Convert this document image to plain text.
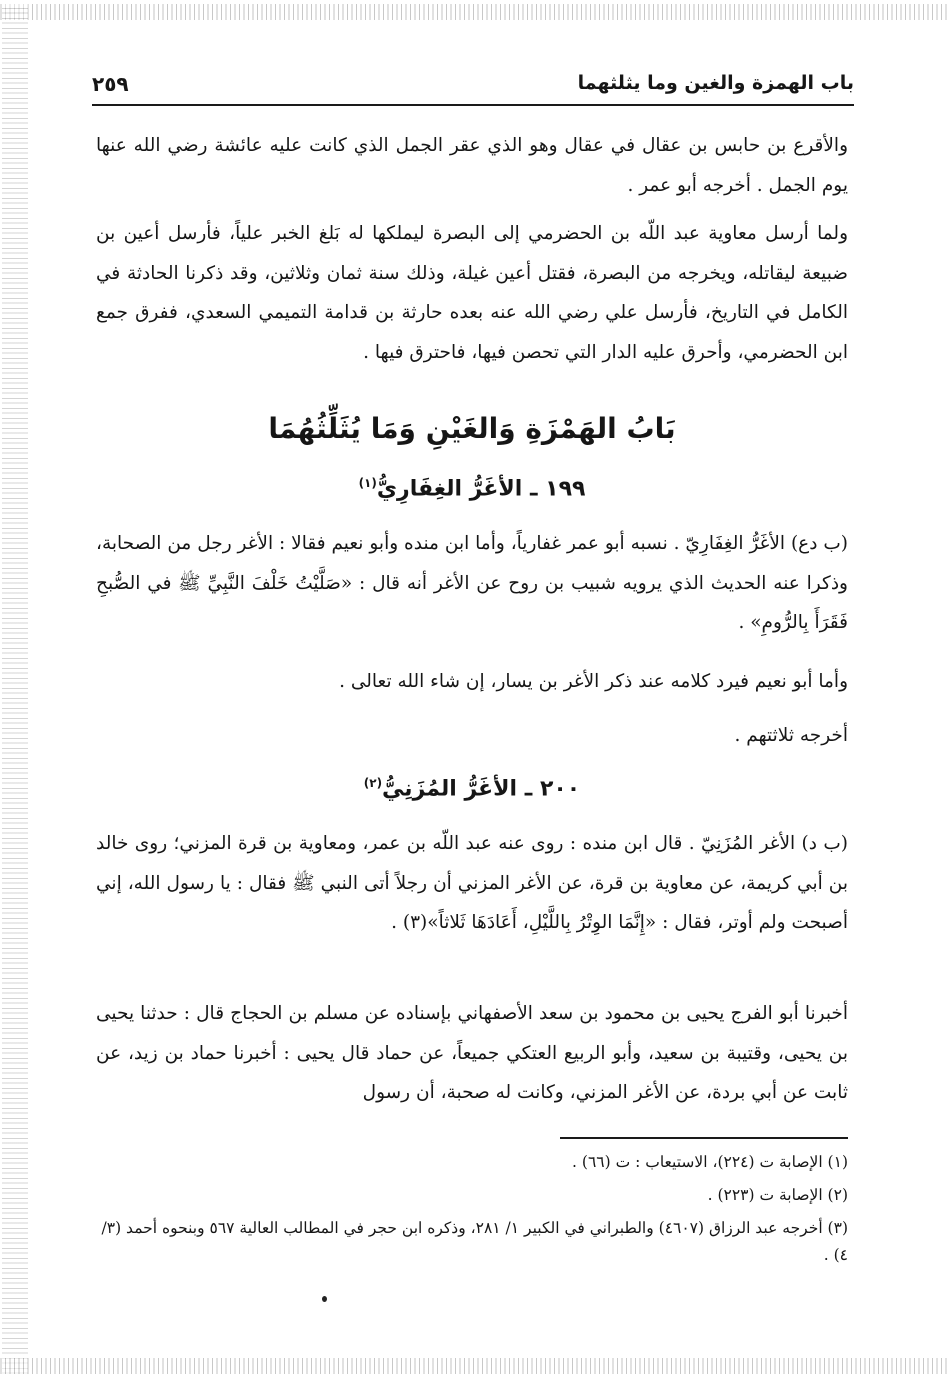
باب الهمزة والغين وما يثلثهما
٢٥٩

والأقرع بن حابس بن عقال في عقال وهو الذي عقر الجمل الذي كانت عليه عائشة رضي الله عنها يوم الجمل . أخرجه أبو عمر .

ولما أرسل معاوية عبد اللّه بن الحضرمي إلى البصرة ليملكها له بَلغ الخبر علياً، فأرسل أعين بن ضبيعة ليقاتله، ويخرجه من البصرة، فقتل أعين غيلة، وذلك سنة ثمان وثلاثين، وقد ذكرنا الحادثة في الكامل في التاريخ، فأرسل علي رضي الله عنه بعده حارثة بن قدامة التميمي السعدي، ففرق جمع ابن الحضرمي، وأحرق عليه الدار التي تحصن فيها، فاحترق فيها .

بَابُ الهَمْزَةِ وَالغَيْنِ وَمَا يُثَلِّثُهُمَا
١٩٩ ـ الأغَرُّ الغِفَارِيُّ$^{(١)}$

(ب دع) الأغَرُّ الغِفَارِيّ . نسبه أبو عمر غفارياً، وأما ابن منده وأبو نعيم فقالا : الأغر رجل من الصحابة، وذكرا عنه الحديث الذي يرويه شبيب بن روح عن الأغر أنه قال : «صَلَّيْتُ خَلْفَ النَّبِيِّ ﷺ في الصُّبحِ فَقَرَأَ بِالرُّومِ» .

وأما أبو نعيم فيرد كلامه عند ذكر الأغر بن يسار، إن شاء الله تعالى .

أخرجه ثلاثتهم .

٢٠٠ ـ الأغَرُّ المُزَنِيُّ$^{(٢)}$

(ب د) الأغر المُزَنِيّ . قال ابن منده : روى عنه عبد اللّه بن عمر، ومعاوية بن قرة المزني؛ روى خالد بن أبي كريمة، عن معاوية بن قرة، عن الأغر المزني أن رجلاً أتى النبي ﷺ فقال : يا رسول الله، إني أصبحت ولم أوتر، فقال : «إِنَّمَا الوِتْرُ بِاللَّيْلِ، أَعَادَهَا ثَلاثاً»(٣) .

أخبرنا أبو الفرج يحيى بن محمود بن سعد الأصفهاني بإسناده عن مسلم بن الحجاج قال : حدثنا يحيى بن يحيى، وقتيبة بن سعيد، وأبو الربيع العتكي جميعاً، عن حماد قال يحيى : أخبرنا حماد بن زيد، عن ثابت عن أبي بردة، عن الأغر المزني، وكانت له صحبة، أن رسول

(١) الإصابة ت (٢٢٤)، الاستيعاب : ت (٦٦) .

(٢) الإصابة ت (٢٢٣) .

(٣) أخرجه عبد الرزاق (٤٦٠٧) والطبراني في الكبير ١/ ٢٨١، وذكره ابن حجر في المطالب العالية ٥٦٧ وبنحوه أحمد (٣/ ٤) .
